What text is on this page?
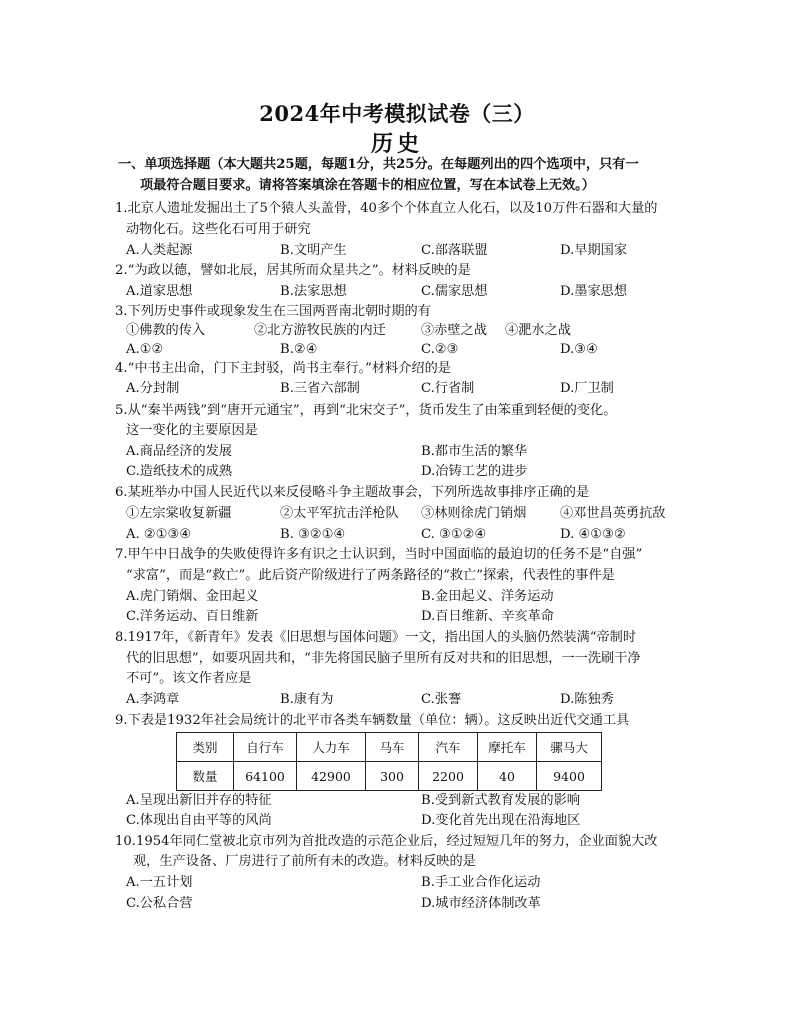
2024年中考模拟试卷（三）
历史
一、单项选择题（本大题共25题，每题1分，共25分。在每题列出的四个选项中，只有一
项最符合题目要求。请将答案填涂在答题卡的相应位置，写在本试卷上无效。）
1.北京人遗址发掘出土了5个猿人头盖骨，40多个个体直立人化石，以及10万件石器和大量的
动物化石。这些化石可用于研究
A.人类起源	B.文明产生	C.部落联盟	D.早期国家
2.“为政以德，譬如北辰，居其所而众星共之”。材料反映的是
A.道家思想	B.法家思想	C.儒家思想	D.墨家思想
3.下列历史事件或现象发生在三国两晋南北朝时期的有
①佛教的传入	②北方游牧民族的内迁	③赤壁之战 ④淝水之战
A.①②	B.②④	C.②③	D.③④
4.“中书主出命，门下主封驳，尚书主奉行。”材料介绍的是
A.分封制	B.三省六部制	C.行省制	D.厂卫制
5.从“秦半两钱”到“唐开元通宝”，再到“北宋交子”，货币发生了由笨重到轻便的变化。
这一变化的主要原因是
A.商品经济的发展	B.都市生活的繁华
C.造纸技术的成熟	D.冶铸工艺的进步
6.某班举办中国人民近代以来反侵略斗争主题故事会，下列所选故事排序正确的是
①左宗棠收复新疆	②太平军抗击洋枪队 ③林则徐虎门销烟	④邓世昌英勇抗敌
A. ②①③④	B. ③②①④	C. ③①②④	D. ④①③②
7.甲午中日战争的失败使得许多有识之士认识到，当时中国面临的最迫切的任务不是“自强”
“求富”，而是“救亡”。此后资产阶级进行了两条路径的“救亡”探索，代表性的事件是
A.虎门销烟、金田起义	B.金田起义、洋务运动
C.洋务运动、百日维新	D.百日维新、辛亥革命
8.1917年，《新青年》发表《旧思想与国体问题》一文，指出国人的头脑仍然装满“帝制时
代的旧思想”，如要巩固共和，“非先将国民脑子里所有反对共和的旧思想，一一洗刷干净
不可”。该文作者应是
A.李鸿章	B.康有为	C.张謇	D.陈独秀
9.下表是1932年社会局统计的北平市各类车辆数量（单位：辆）。这反映出近代交通工具
类别	自行车	人力车	马车	汽车	摩托车	骡马大
数量	64100	42900	300	2200	40	9400
A.呈现出新旧并存的特征	B.受到新式教育发展的影响
C.体现出自由平等的风尚	D.变化首先出现在沿海地区
10.1954年同仁堂被北京市列为首批改造的示范企业后，经过短短几年的努力，企业面貌大改
观，生产设备、厂房进行了前所有未的改造。材料反映的是
A.一五计划	B.手工业合作化运动
C.公私合营	D.城市经济体制改革
